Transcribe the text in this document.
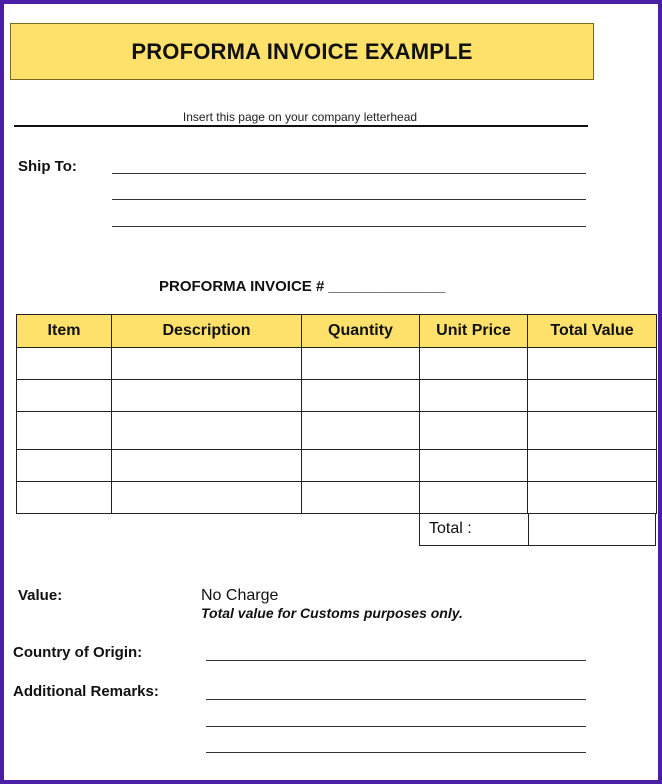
PROFORMA INVOICE EXAMPLE
Insert this page on your company letterhead
Ship To:
PROFORMA INVOICE # ______________
Item	Description	Quantity	Unit Price	Total Value

Total :
Value:	No Charge
Total value for Customs purposes only.
Country of Origin:
Additional Remarks:
